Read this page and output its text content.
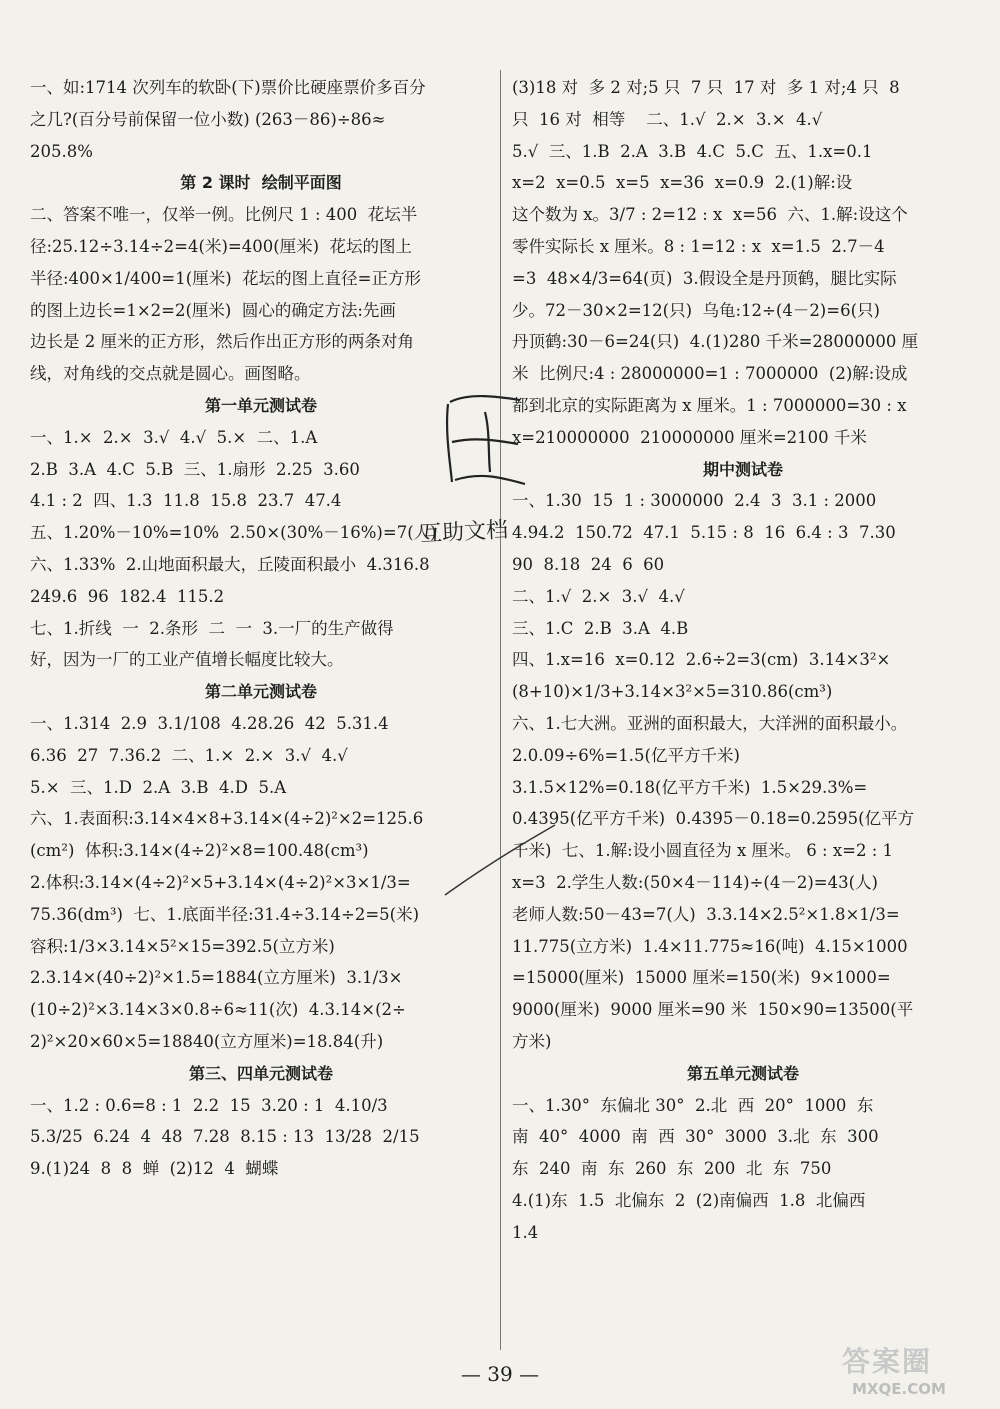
一、如:1714 次列车的软卧(下)票价比硬座票价多百分
之几?(百分号前保留一位小数) (263－86)÷86≈
205.8%
第 2 课时  绘制平面图
二、答案不唯一，仅举一例。比例尺 1 : 400  花坛半
径:25.12÷3.14÷2=4(米)=400(厘米)  花坛的图上
半径:400×1/400=1(厘米)  花坛的图上直径=正方形
的图上边长=1×2=2(厘米)  圆心的确定方法:先画
边长是 2 厘米的正方形，然后作出正方形的两条对角
线，对角线的交点就是圆心。画图略。
第一单元测试卷
一、1.×  2.×  3.√  4.√  5.×  二、1.A
2.B  3.A  4.C  5.B  三、1.扇形  2.25  3.60
4.1 : 2  四、1.3  11.8  15.8  23.7  47.4
五、1.20%－10%=10%  2.50×(30%－16%)=7(人)
六、1.33%  2.山地面积最大，丘陵面积最小  4.316.8
249.6  96  182.4  115.2
七、1.折线  一  2.条形  二  一  3.一厂的生产做得
好，因为一厂的工业产值增长幅度比较大。
第二单元测试卷
一、1.314  2.9  3.1/108  4.28.26  42  5.31.4
6.36  27  7.36.2  二、1.×  2.×  3.√  4.√
5.×  三、1.D  2.A  3.B  4.D  5.A
六、1.表面积:3.14×4×8+3.14×(4÷2)²×2=125.6
(cm²)  体积:3.14×(4÷2)²×8=100.48(cm³)
2.体积:3.14×(4÷2)²×5+3.14×(4÷2)²×3×1/3=
75.36(dm³)  七、1.底面半径:31.4÷3.14÷2=5(米)
容积:1/3×3.14×5²×15=392.5(立方米)
2.3.14×(40÷2)²×1.5=1884(立方厘米)  3.1/3×
(10÷2)²×3.14×3×0.8÷6≈11(次)  4.3.14×(2÷
2)²×20×60×5=18840(立方厘米)=18.84(升)
第三、四单元测试卷
一、1.2 : 0.6=8 : 1  2.2  15  3.20 : 1  4.10/3
5.3/25  6.24  4  48  7.28  8.15 : 13  13/28  2/15
9.(1)24  8  8  蝉  (2)12  4  蝴蝶
(3)18 对  多 2 对;5 只  7 只  17 对  多 1 对;4 只  8
只  16 对  相等    二、1.√  2.×  3.×  4.√
5.√  三、1.B  2.A  3.B  4.C  5.C  五、1.x=0.1
x=2  x=0.5  x=5  x=36  x=0.9  2.(1)解:设
这个数为 x。3/7 : 2=12 : x  x=56  六、1.解:设这个
零件实际长 x 厘米。8 : 1=12 : x  x=1.5  2.7－4
=3  48×4/3=64(页)  3.假设全是丹顶鹤，腿比实际
少。72－30×2=12(只)  乌龟:12÷(4－2)=6(只)
丹顶鹤:30－6=24(只)  4.(1)280 千米=28000000 厘
米  比例尺:4 : 28000000=1 : 7000000  (2)解:设成
都到北京的实际距离为 x 厘米。1 : 7000000=30 : x
x=210000000  210000000 厘米=2100 千米
期中测试卷
一、1.30  15  1 : 3000000  2.4  3  3.1 : 2000
4.94.2  150.72  47.1  5.15 : 8  16  6.4 : 3  7.30
90  8.18  24  6  60
二、1.√  2.×  3.√  4.√
三、1.C  2.B  3.A  4.B
四、1.x=16  x=0.12  2.6÷2=3(cm)  3.14×3²×
(8+10)×1/3+3.14×3²×5=310.86(cm³)
六、1.七大洲。亚洲的面积最大，大洋洲的面积最小。
2.0.09÷6%=1.5(亿平方千米)
3.1.5×12%=0.18(亿平方千米)  1.5×29.3%=
0.4395(亿平方千米)  0.4395－0.18=0.2595(亿平方
千米)  七、1.解:设小圆直径为 x 厘米。 6 : x=2 : 1
x=3  2.学生人数:(50×4－114)÷(4－2)=43(人)
老师人数:50－43=7(人)  3.3.14×2.5²×1.8×1/3=
11.775(立方米)  1.4×11.775≈16(吨)  4.15×1000
=15000(厘米)  15000 厘米=150(米)  9×1000=
9000(厘米)  9000 厘米=90 米  150×90=13500(平
方米)
第五单元测试卷
一、1.30°  东偏北 30°  2.北  西  20°  1000  东
南  40°  4000  南  西  30°  3000  3.北  东  300
东  240  南  东  260  东  200  北  东  750
4.(1)东  1.5  北偏东  2  (2)南偏西  1.8  北偏西
1.4
互助文档
— 39 —	答案圈
MXQE.COM
